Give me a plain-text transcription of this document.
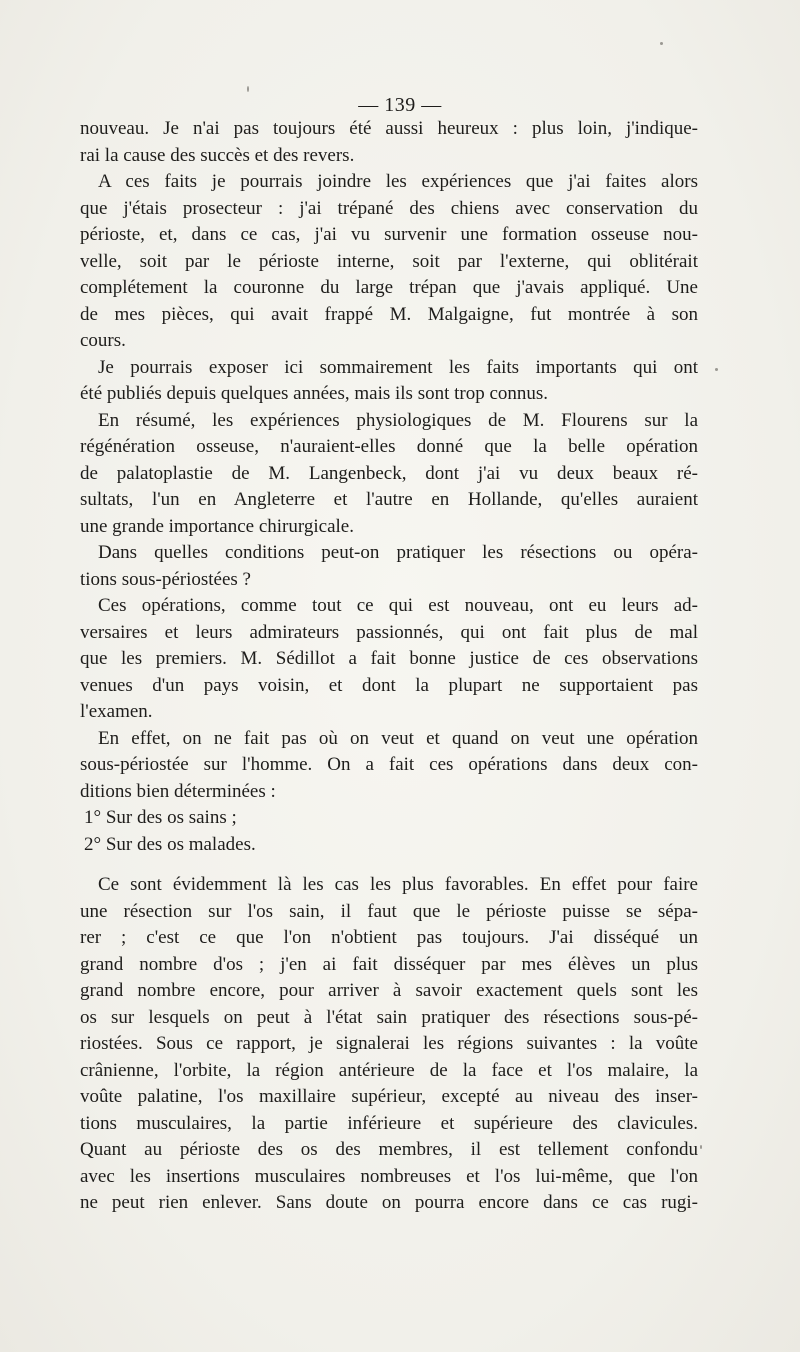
— 139 —
nouveau. Je n'ai pas toujours été aussi heureux : plus loin, j'indique-
rai la cause des succès et des revers.
A ces faits je pourrais joindre les expériences que j'ai faites alors
que j'étais prosecteur : j'ai trépané des chiens avec conservation du
périoste, et, dans ce cas, j'ai vu survenir une formation osseuse nou-
velle, soit par le périoste interne, soit par l'externe, qui oblitérait
complétement la couronne du large trépan que j'avais appliqué. Une
de mes pièces, qui avait frappé M. Malgaigne, fut montrée à son
cours.
Je pourrais exposer ici sommairement les faits importants qui ont
été publiés depuis quelques années, mais ils sont trop connus.
En résumé, les expériences physiologiques de M. Flourens sur la
régénération osseuse, n'auraient-elles donné que la belle opération
de palatoplastie de M. Langenbeck, dont j'ai vu deux beaux ré-
sultats, l'un en Angleterre et l'autre en Hollande, qu'elles auraient
une grande importance chirurgicale.
Dans quelles conditions peut-on pratiquer les résections ou opéra-
tions sous-périostées ?
Ces opérations, comme tout ce qui est nouveau, ont eu leurs ad-
versaires et leurs admirateurs passionnés, qui ont fait plus de mal
que les premiers. M. Sédillot a fait bonne justice de ces observations
venues d'un pays voisin, et dont la plupart ne supportaient pas
l'examen.
En effet, on ne fait pas où on veut et quand on veut une opération
sous-périostée sur l'homme. On a fait ces opérations dans deux con-
ditions bien déterminées :
1° Sur des os sains ;
2° Sur des os malades.
Ce sont évidemment là les cas les plus favorables. En effet pour faire
une résection sur l'os sain, il faut que le périoste puisse se sépa-
rer ; c'est ce que l'on n'obtient pas toujours. J'ai disséqué un
grand nombre d'os ; j'en ai fait disséquer par mes élèves un plus
grand nombre encore, pour arriver à savoir exactement quels sont les
os sur lesquels on peut à l'état sain pratiquer des résections sous-pé-
riostées. Sous ce rapport, je signalerai les régions suivantes : la voûte
crânienne, l'orbite, la région antérieure de la face et l'os malaire, la
voûte palatine, l'os maxillaire supérieur, excepté au niveau des inser-
tions musculaires, la partie inférieure et supérieure des clavicules.
Quant au périoste des os des membres, il est tellement confondu
avec les insertions musculaires nombreuses et l'os lui-même, que l'on
ne peut rien enlever. Sans doute on pourra encore dans ce cas rugi-
